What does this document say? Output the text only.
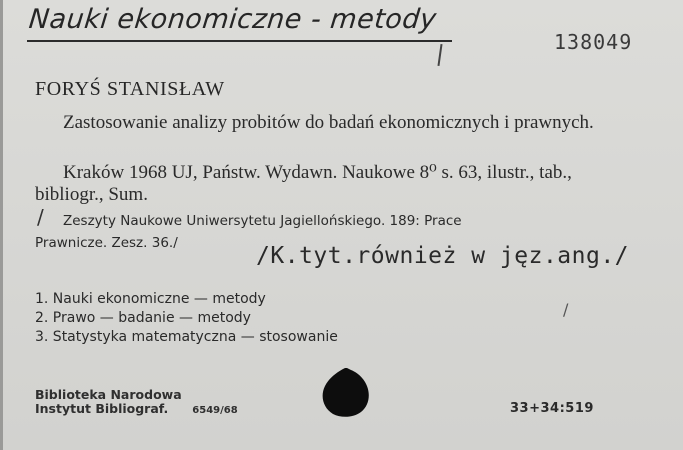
Nauki ekonomiczne - metody
138049
FORYŚ STANISŁAW
Zastosowanie analizy probitów do badań ekonomicznych i prawnych.
Kraków 1968 UJ, Państw. Wydawn. Naukowe 8⁰ s. 63, ilustr., tab., bibliogr., Sum.
/	Zeszyty Naukowe Uniwersytetu Jagiellońskiego. 189: Prace Prawnicze. Zesz. 36./	/K.tyt.również w jęz.ang./
1. Nauki ekonomiczne — metody
2. Prawo — badanie — metody
3. Statystyka matematyczna — stosowanie
/
Biblioteka Narodowa
Instytut Bibliograf. 6549/68	33+34:519
